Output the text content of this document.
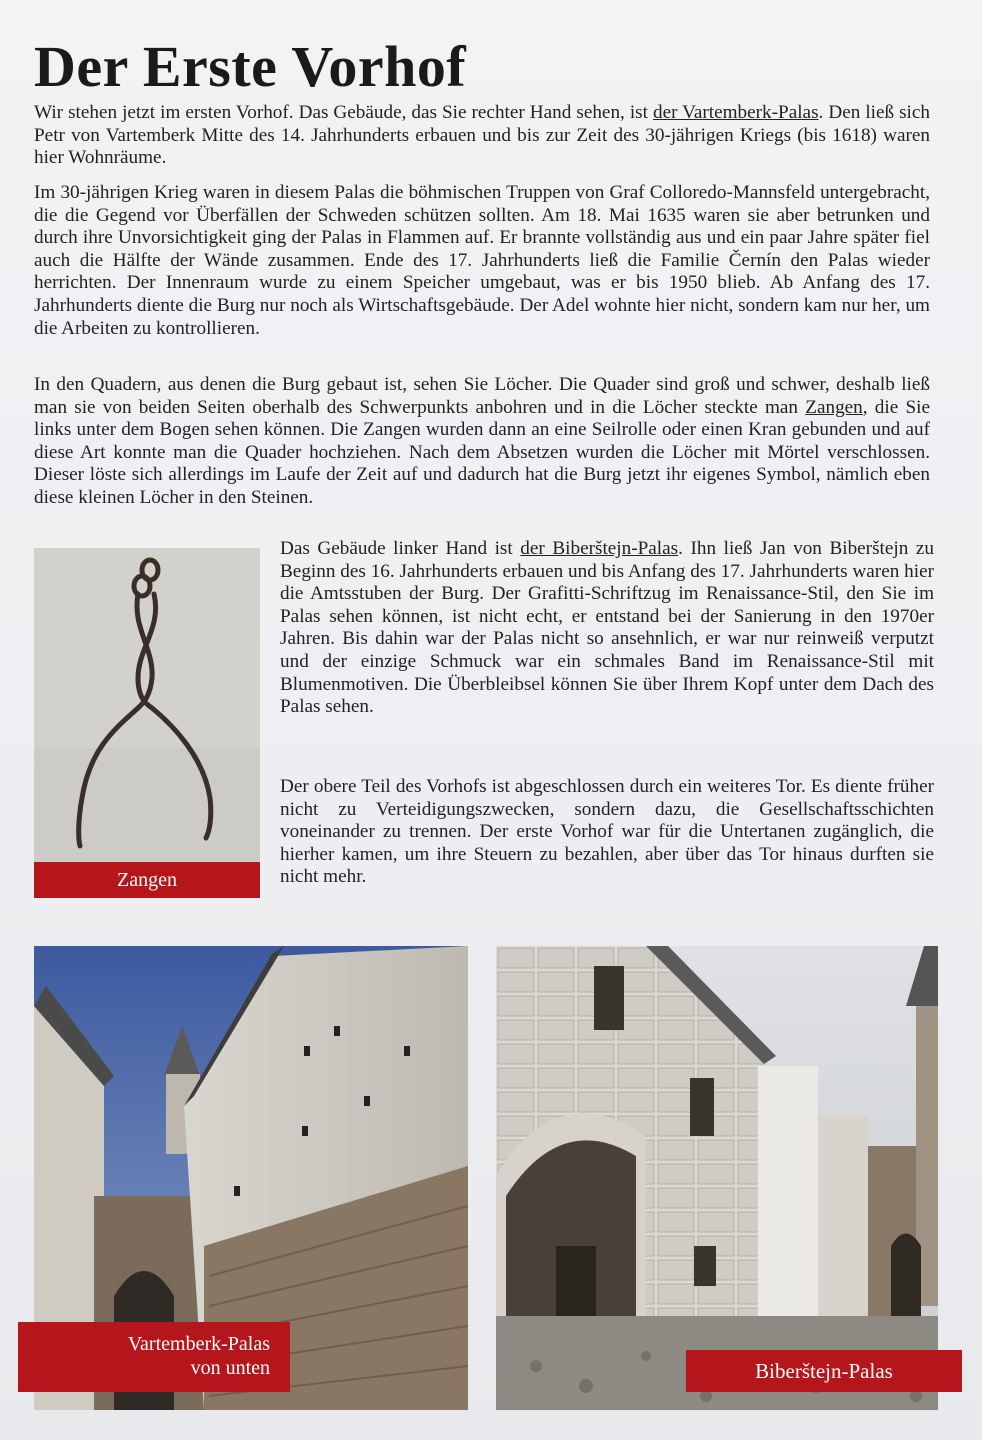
Der Erste Vorhof

Wir stehen jetzt im ersten Vorhof. Das Gebäude, das Sie rechter Hand sehen, ist der Vartemberk-Palas. Den ließ sich Petr von Vartemberk Mitte des 14. Jahrhunderts erbauen und bis zur Zeit des 30-jährigen Kriegs (bis 1618) waren hier Wohnräume.

Im 30-jährigen Krieg waren in diesem Palas die böhmischen Truppen von Graf Colloredo-Mannsfeld untergebracht, die die Gegend vor Überfällen der Schweden schützen sollten. Am 18. Mai 1635 waren sie aber betrunken und durch ihre Unvorsichtigkeit ging der Palas in Flammen auf. Er brannte vollständig aus und ein paar Jahre später fiel auch die Hälfte der Wände zusammen. Ende des 17. Jahrhunderts ließ die Familie Černín den Palas wieder herrichten. Der Innenraum wurde zu einem Speicher umgebaut, was er bis 1950 blieb. Ab Anfang des 17. Jahrhunderts diente die Burg nur noch als Wirtschaftsgebäude. Der Adel wohnte hier nicht, sondern kam nur her, um die Arbeiten zu kontrollieren.

In den Quadern, aus denen die Burg gebaut ist, sehen Sie Löcher. Die Quader sind groß und schwer, deshalb ließ man sie von beiden Seiten oberhalb des Schwerpunkts anbohren und in die Löcher steckte man Zangen, die Sie links unter dem Bogen sehen können. Die Zangen wurden dann an eine Seilrolle oder einen Kran gebunden und auf diese Art konnte man die Quader hochziehen. Nach dem Absetzen wurden die Löcher mit Mörtel verschlossen. Dieser löste sich allerdings im Laufe der Zeit auf und dadurch hat die Burg jetzt ihr eigenes Symbol, nämlich eben diese kleinen Löcher in den Steinen.

Zangen

Das Gebäude linker Hand ist der Biberštejn-Palas. Ihn ließ Jan von Biberštejn zu Beginn des 16. Jahrhunderts erbauen und bis Anfang des 17. Jahrhunderts waren hier die Amtsstuben der Burg. Der Grafitti-Schriftzug im Renaissance-Stil, den Sie im Palas sehen können, ist nicht echt, er entstand bei der Sanierung in den 1970er Jahren. Bis dahin war der Palas nicht so ansehnlich, er war nur reinweiß verputzt und der einzige Schmuck war ein schmales Band im Renaissance-Stil mit Blumenmotiven. Die Überbleibsel können Sie über Ihrem Kopf unter dem Dach des Palas sehen.

Der obere Teil des Vorhofs ist abgeschlossen durch ein weiteres Tor. Es diente früher nicht zu Verteidigungszwecken, sondern dazu, die Gesellschaftsschichten voneinander zu trennen. Der erste Vorhof war für die Untertanen zugänglich, die hierher kamen, um ihre Steuern zu bezahlen, aber über das Tor hinaus durften sie nicht mehr.

Vartemberk-Palas
von unten	Biberštejn-Palas
